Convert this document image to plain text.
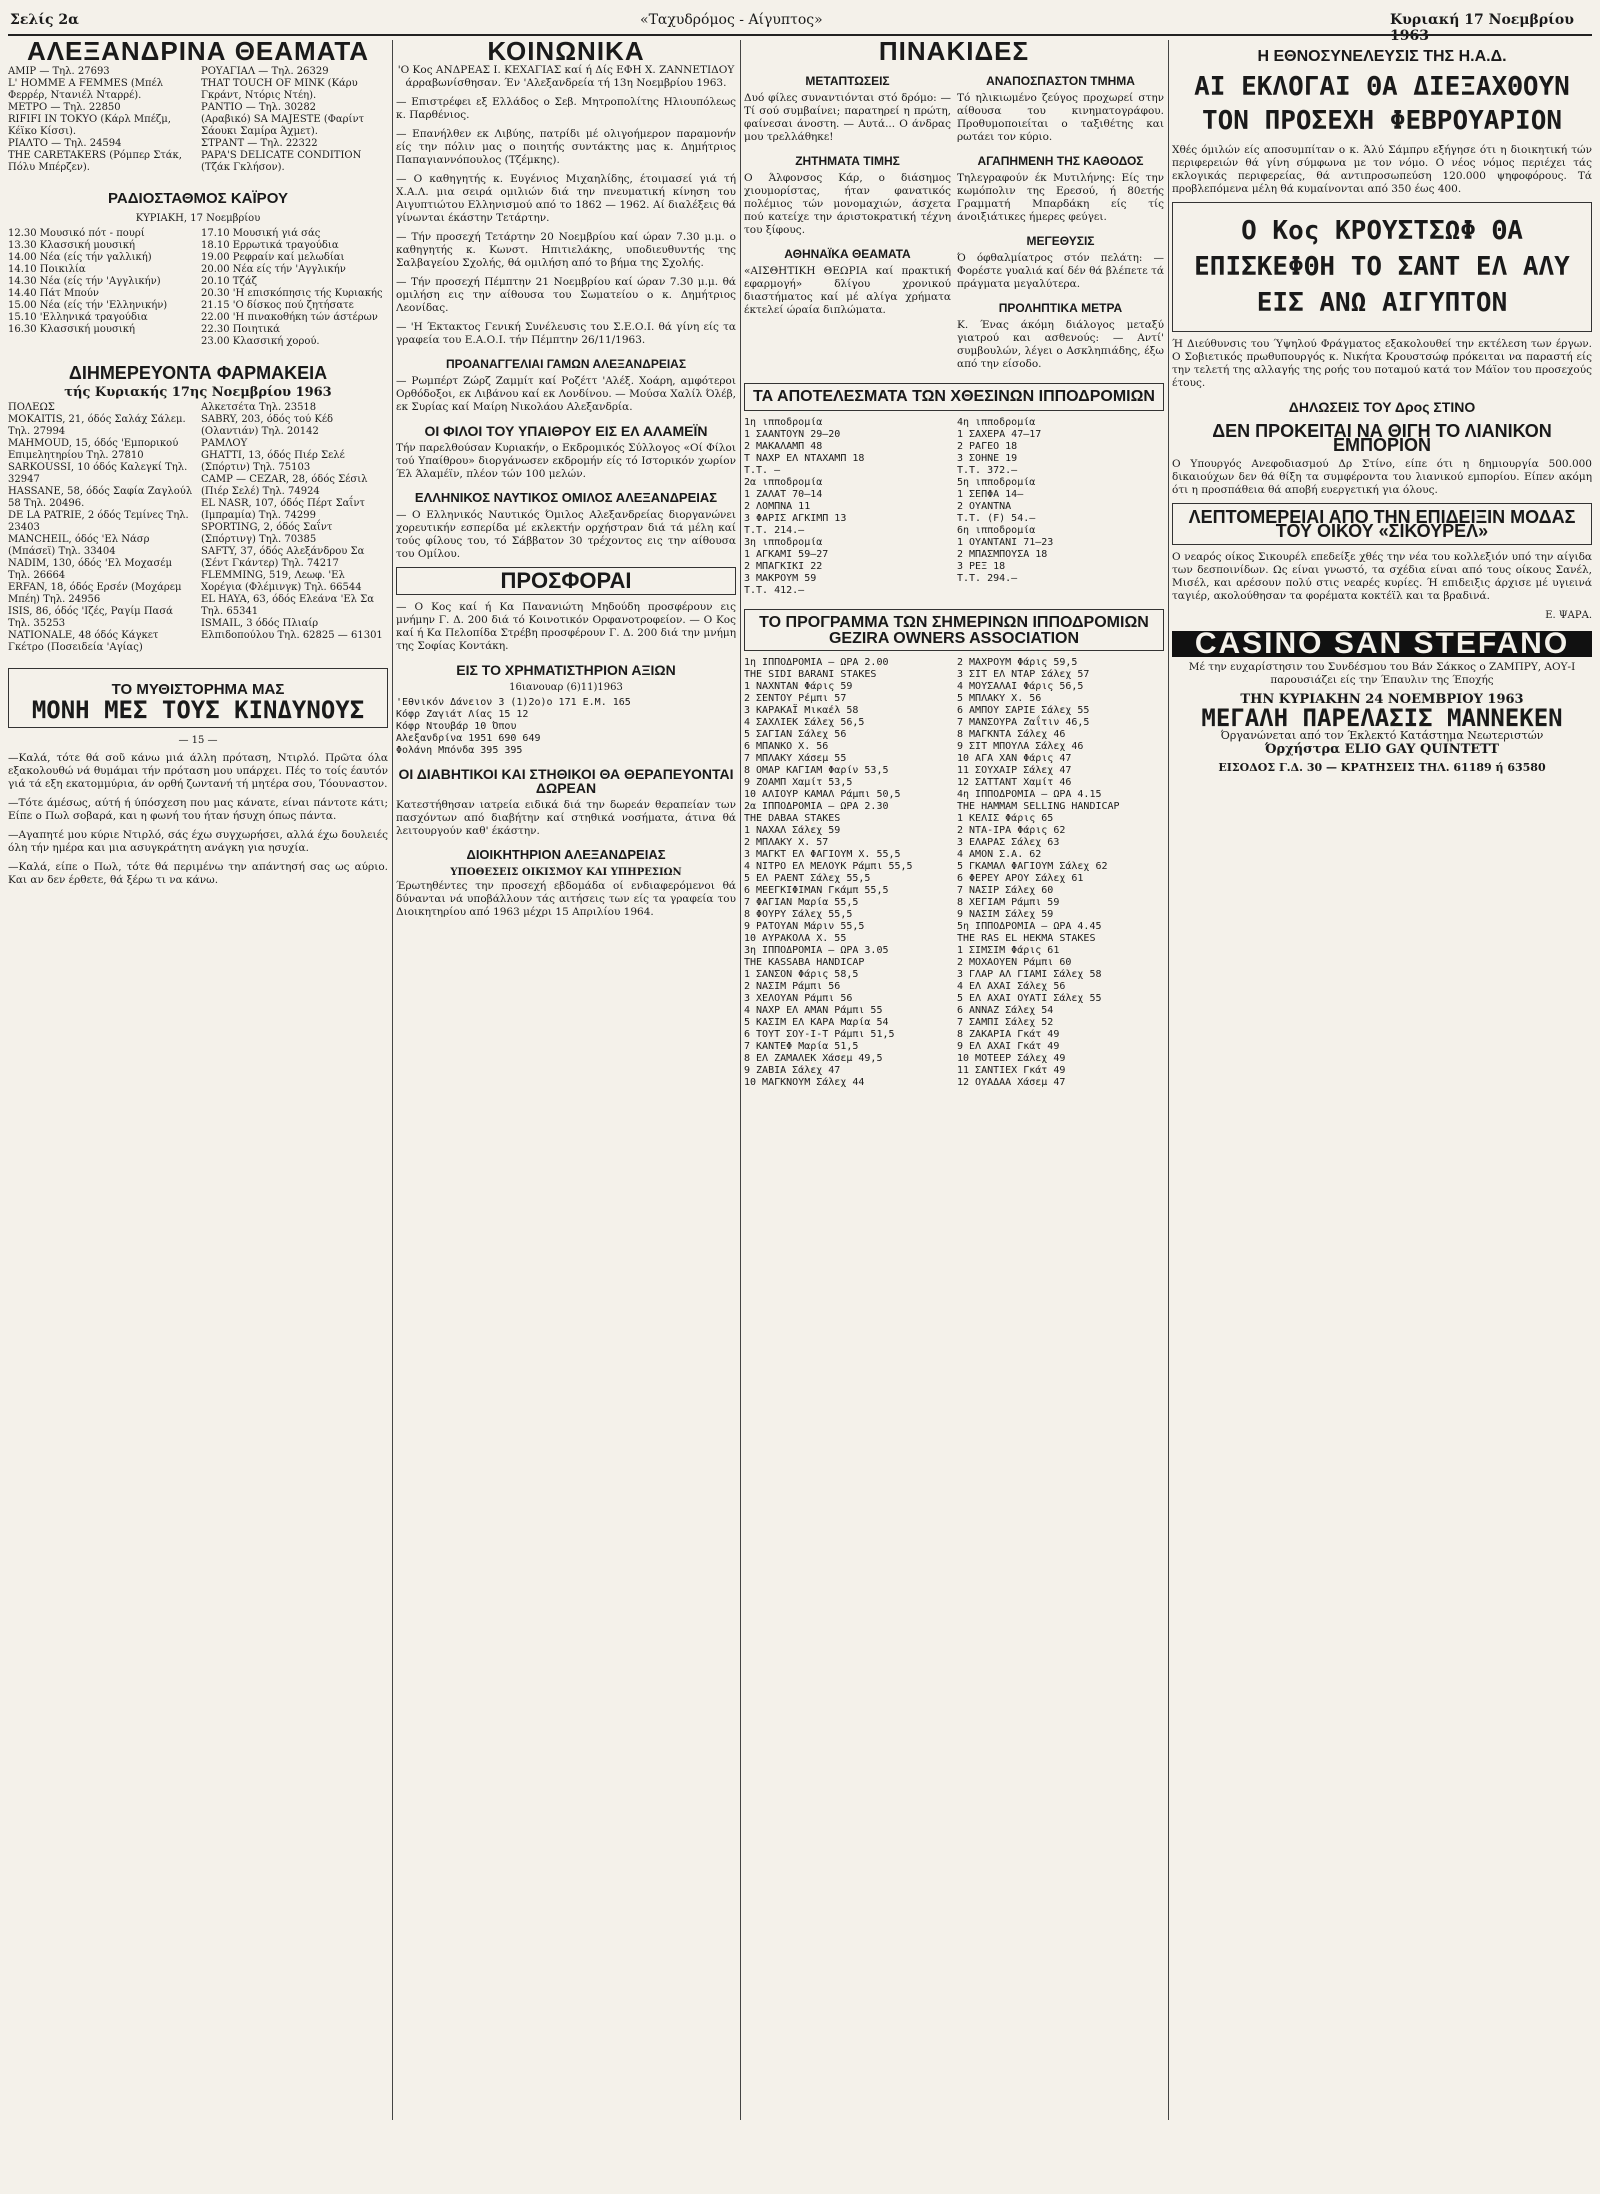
Σελίς 2α	«Ταχυδρόμος - Αίγυπτος»	Κυριακή 17 Νοεμβρίου 1963
ΑΛΕΞΑΝΔΡΙΝΑ ΘΕΑΜΑΤΑ
AMIP — Τηλ. 27693
L' HOMME A FEMMES (Μπέλ Φερρέρ, Ντανιέλ Νταρρέ).
ΜΕΤΡΟ — Τηλ. 22850
RIFIFI IN TOKYO (Κάρλ Μπέζμ, Κέϊκο Κίσσι).
ΡΙΑΛΤΟ — Τηλ. 24594
THE CARETAKERS (Ρόμπερ Στάκ, Πόλυ Μπέρζεν).
ΡΟΥΑΓΙΑΛ — Τηλ. 26329
THAT TOUCH OF MINK (Κάρυ Γκράντ, Ντόρις Ντέη).
ΡΑΝΤΙΟ — Τηλ. 30282
(Αραβικό) SA MAJESTE (Φαρίντ Σάουκι Σαμίρα Άχμετ).
ΣΤΡΑΝΤ — Τηλ. 22322
PAPA'S DELICATE CONDITION (Τζάκ Γκλήσον).
ΡΑΔΙΟΣΤΑΘΜΟΣ ΚΑΪΡΟΥ
ΚΥΡΙΑΚΗ, 17 Νοεμβρίου
12.30 Μουσικό πότ - πουρί
13.30 Κλασσική μουσική
14.00 Νέα (είς τήν γαλλική)
14.10 Ποικιλία
14.30 Νέα (είς τήν 'Αγγλικήν)
14.40 Πάτ Μπούν
15.00 Νέα (είς τήν 'Ελληνικήν)
15.10 'Ελληνικά τραγούδια
16.30 Κλασσική μουσική
17.10 Μουσική γιά σάς
18.10 Ερρωτικά τραγούδια
19.00 Ρεφραίν καί μελωδίαι
20.00 Νέα είς τήν 'Αγγλικήν
20.10 Τζάζ
20.30 'Η επισκόπησις τής Κυριακής
21.15 'Ο δίσκος πού ζητήσατε
22.00 'Η πινακοθήκη τών άστέρων
22.30 Ποιητικά
23.00 Κλασσική χορού.
ΔΙΗΜΕΡΕΥΟΝΤΑ ΦΑΡΜΑΚΕΙΑ
τής Κυριακής 17ης Νοεμβρίου 1963
ΠΟΛΕΩΣ
ΜΟΚΑΙΤΙS, 21, όδός Σαλάχ Σάλεμ. Τηλ. 27994
MAHMOUD, 15, όδός 'Εμπορικού Επιμελητηρίου Τηλ. 27810
SARKOUSSI, 10 όδός Καλεγκί Τηλ. 32947
HASSANE, 58, όδός Σαφία Ζαγλούλ 58 Τηλ. 20496.
DE LA PATRIE, 2 όδός Τεμίνες Τηλ. 23403
MANCHEIL, όδός 'Ελ Νάσρ (Μπάσεϊ) Τηλ. 33404
NADIM, 130, όδός 'Ελ Μοχασέμ Τηλ. 26664
ERFAN, 18, όδός Ερσέν (Μοχάρεμ Μπέη) Τηλ. 24956
ISIS, 86, όδός 'Ιζές, Ραγίμ Πασά Τηλ. 35253
NATIONALE, 48 όδός Κάγκετ Γκέτρο (Ποσειδεία 'Αγίας)
Αλκετσέτα Τηλ. 23518
SABRY, 203, όδός τού Κέδ (Ολαντιάν) Τηλ. 20142
ΡΑΜΛΟΥ
GHATTI, 13, όδός Πιέρ Σελέ (Σπόρτιν) Τηλ. 75103
CAMP — CEZAR, 28, όδός Σέσιλ (Πιέρ Σελέ) Τηλ. 74924
EL NASR, 107, όδός Πέρτ Σαΐντ (Ιμπραμία) Τηλ. 74299
SPORTING, 2, όδός Σαΐντ (Σπόρτινγ) Τηλ. 70385
SAFTY, 37, όδός Αλεξάνδρου Σα (Σέντ Γκάντερ) Τηλ. 74217
FLEMMING, 519, Λεωφ. 'Ελ Χορέγια (Φλέμινγκ) Τηλ. 66544
EL HAYA, 63, όδός Ελεάνα 'Ελ Σα Τηλ. 65341
ISMAIL, 3 όδός Πλιαίρ Ελπιδοπούλου Τηλ. 62825 — 61301
ΤΟ ΜΥΘΙΣΤΟΡΗΜΑ ΜΑΣ
ΜΟΝΗ ΜΕΣ ΤΟΥΣ ΚΙΝΔΥΝΟΥΣ
— 15 —

—Καλά, τότε θά σοῦ κάνω μιά άλλη πρόταση, Ντιρλό. Πρῶτα όλα εξακολουθώ νά θυμάμαι τήν πρόταση μου υπάρχει. Πές το τοίς έαυτόν γιά τά εξη εκατομμύρια, άν ορθή ζωντανή τή μητέρα σου, Τόουναστον.

—Τότε άμέσως, αύτή ή ύπόσχεση που μας κάνατε, είναι πάντοτε κάτι; Είπε ο Πωλ σοβαρά, και η φωνή του ήταν ήσυχη όπως πάντα.

—Αγαπητέ μου κύριε Ντιρλό, σάς έχω συγχωρήσει, αλλά έχω δουλειές όλη τήν ημέρα και μια ασυγκράτητη ανάγκη για ησυχία.

—Καλά, είπε ο Πωλ, τότε θά περιμένω την απάντησή σας ως αύριο. Και αν δεν έρθετε, θά ξέρω τι να κάνω.

ΚΟΙΝΩΝΙΚΑ

'Ο Κος ΑΝΔΡΕΑΣ Ι. ΚΕΧΑΓΙΑΣ καί ή Δίς ΕΦΗ Χ. ΖΑΝΝΕΤΙΔΟΥ άρραβωνίσθησαν. Έν 'Αλεξανδρεία τή 13η Νοεμβρίου 1963.

— Επιστρέφει εξ Ελλάδος ο Σεβ. Μητροπολίτης Ηλιουπόλεως κ. Παρθένιος.

— Επανήλθεν εκ Λιβύης, πατρίδι μέ ολιγοήμερον παραμονήν είς την πόλιν μας ο ποιητής συντάκτης μας κ. Δημήτριος Παπαγιαννόπουλος (Τζέμκης).

— Ο καθηγητής κ. Ευγένιος Μιχαηλίδης, έτοιμασεί γιά τή Χ.Α.Λ. μια σειρά ομιλιών διά την πνευματική κίνηση του Αιγυπτιώτου Ελληνισμού από το 1862 — 1962. Αί διαλέξεις θά γίνωνται έκάστην Τετάρτην.

— Τήν προσεχή Τετάρτην 20 Νοεμβρίου καί ώραν 7.30 μ.μ. ο καθηγητής κ. Κωνστ. Ηπιτιελάκης, υποδιευθυντής της Σαλβαγείου Σχολής, θά ομιλήση από το βήμα της Σχολής.

— Τήν προσεχή Πέμπτην 21 Νοεμβρίου καί ώραν 7.30 μ.μ. θά ομιλήση εις την αίθουσα του Σωματείου ο κ. Δημήτριος Λεονίδας.

— 'Η Έκτακτος Γενική Συνέλευσις του Σ.Ε.Ο.Ι. θά γίνη είς τα γραφεία του Ε.Α.Ο.Ι. τήν Πέμπτην 26/11/1963.

ΠΡΟΑΝΑΓΓΕΛΙΑΙ ΓΑΜΩΝ ΑΛΕΞΑΝΔΡΕΙΑΣ

— Ρωμπέρτ Ζώρζ Ζαμμίτ καί Ροζέττ 'Αλέξ. Χοάρη, αμφότεροι Ορθόδοξοι, εκ Λιβάνου καί εκ Λονδίνου. — Μούσα Χαλίλ Όλέβ, εκ Συρίας καί Μαίρη Νικολάου Αλεξανδρία.

ΟΙ ΦΙΛΟΙ ΤΟΥ ΥΠΑΙΘΡΟΥ ΕΙΣ ΕΛ ΑΛΑΜΕΪΝ

Τήν παρελθούσαν Κυριακήν, ο Εκδρομικός Σύλλογος «Οί Φίλοι τού Υπαίθρου» διοργάνωσεν εκδρομήν είς τό Ιστορικόν χωρίον Έλ Άλαμέϊν, πλέον τών 100 μελών.

ΕΛΛΗΝΙΚΟΣ ΝΑΥΤΙΚΟΣ ΟΜΙΛΟΣ ΑΛΕΞΑΝΔΡΕΙΑΣ

— Ο Ελληνικός Ναυτικός Όμιλος Αλεξανδρείας διοργανώνει χορευτικήν εσπερίδα μέ εκλεκτήν ορχήστραν διά τά μέλη καί τούς φίλους του, τό Σάββατον 30 τρέχοντος εις την αίθουσα του Ομίλου.

ΠΡΟΣΦΟΡΑΙ

— Ο Κος καί ή Κα Πανανιώτη Μηδούδη προσφέρουν εις μνήμην Γ. Δ. 200 διά τό Κοινοτικόν Ορφανοτροφείον. — Ο Κος καί ή Κα Πελοπίδα Στρέβη προσφέρουν Γ. Δ. 200 διά την μνήμη της Σοφίας Κοντάκη.

ΕΙΣ ΤΟ ΧΡΗΜΑΤΙΣΤΗΡΙΟΝ ΑΞΙΩΝ
16ιανουαρ (6)11)1963
'Εθνικόν Δάνειον 3 (1)2ο)ο 171 Ε.Μ. 165
Κόφρ Ζαγιάτ Λίας 15 12
Κόφρ Ντουβάρ 10 Όπου
Αλεξανδρίνα 1951 690 649
Φολάνη Μπόνδα 395 395
ΟΙ ΔΙΑΒΗΤΙΚΟΙ ΚΑΙ ΣΤΗΘΙΚΟΙ ΘΑ ΘΕΡΑΠΕΥΟΝΤΑΙ ΔΩΡΕΑΝ

Κατεστήθησαν ιατρεία ειδικά διά την δωρεάν θεραπείαν των πασχόντων από διαβήτην καί στηθικά νοσήματα, άτινα θά λειτουργούν καθ' έκάστην.

ΔΙΟΙΚΗΤΗΡΙΟΝ ΑΛΕΞΑΝΔΡΕΙΑΣ
ΥΠΟΘΕΣΕΙΣ ΟΙΚΙΣΜΟΥ ΚΑΙ ΥΠΗΡΕΣΙΩΝ

Έρωτηθέντες την προσεχή εβδομάδα οί ενδιαφερόμενοι θά δύνανται νά υποβάλλουν τάς αιτήσεις των είς τα γραφεία του Διοικητηρίου από 1963 μέχρι 15 Απριλίου 1964.

ΠΙΝΑΚΙΔΕΣ
ΜΕΤΑΠΤΩΣΕΙΣ

Δυό φίλες συναντιόνται στό δρόμο: — Τί σού συμβαίνει; παρατηρεί η πρώτη, φαίνεσαι άνοστη. — Αυτά... Ο άνδρας μου τρελλάθηκε!

ΖΗΤΗΜΑΤΑ ΤΙΜΗΣ

Ο Άλφονσος Κάρ, ο διάσημος χιουμορίστας, ήταν φανατικός πολέμιος τών μονομαχιών, άσχετα πού κατείχε την άριστοκρατική τέχνη του ξίφους.

ΑΘΗΝΑΪΚΑ ΘΕΑΜΑΤΑ

«ΑΙΣΘΗΤΙΚΗ ΘΕΩΡΙΑ καί πρακτική εφαρμογή» δλίγου χρονικού διαστήματος καί μέ αλίγα χρήματα έκτελεί ώραία διπλώματα.

ΑΝΑΠΟΣΠΑΣΤΟΝ ΤΜΗΜΑ

Τό ηλικιωμένο ζεύγος προχωρεί στην αίθουσα του κινηματογράφου. Προθυμοποιείται ο ταξιθέτης και ρωτάει τον κύριο.

ΑΓΑΠΗΜΕΝΗ ΤΗΣ ΚΑΘΟΔΟΣ

Τηλεγραφούν έκ Μυτιλήνης: Είς την κωμόπολιν της Ερεσού, ή 80ετής Γραμματή Μπαρδάκη είς τίς άνοιξιάτικες ήμερες φεύγει.

ΜΕΓΕΘΥΣΙΣ

Ό όφθαλμίατρος στόν πελάτη: — Φορέστε γυαλιά καί δέν θά βλέπετε τά πράγματα μεγαλύτερα.

ΠΡΟΛΗΠΤΙΚΑ ΜΕΤΡΑ

Κ. Ένας άκόμη διάλογος μεταξύ γιατρού και ασθενούς: — Αντί' συμβουλών, λέγει ο Ασκληπιάδης, έξω από την είσοδο.

ΤΑ ΑΠΟΤΕΛΕΣΜΑΤΑ ΤΩΝ ΧΘΕΣΙΝΩΝ ΙΠΠΟΔΡΟΜΙΩΝ
1η ιπποδρομία
1 ΣΑΑΝΤΟΥΝ 29—20
2 ΜΑΚΑΛΑΜΠ 48
Τ ΝΑΧΡ ΕΛ ΝΤΑΧΑΜΠ 18
Τ.Τ. —
2α ιπποδρομία
1 ΖΑΛΑΤ 70—14
2 ΛΟΜΠΝΑ 11
3 ΦΑΡΙΣ ΑΓΚΙΜΠ 13
Τ.Τ. 214.—
3η ιπποδρομία
1 ΑΓΚΑΜΙ 59—27
2 ΜΠΑΓΚΙΚΙ 22
3 ΜΑΚΡΟΥΜ 59
Τ.Τ. 412.—
4η ιπποδρομία
1 ΣΑΧΕΡΑ 47—17
2 ΡΑΓΕΟ 18
3 ΣΟΗΝΕ 19
Τ.Τ. 372.—
5η ιπποδρομία
1 ΣΕΠΦΑ 14—
2 ΟΥΑΝΤΝΑ
Τ.Τ. (F) 54.—
6η ιπποδρομία
1 ΟΥΑΝΤΑΝΙ 71—23
2 ΜΠΑΣΜΠΟΥΣΑ 18
3 ΡΕΞ 18
Τ.Τ. 294.—
ΤΟ ΠΡΟΓΡΑΜΜΑ ΤΩΝ ΣΗΜΕΡΙΝΩΝ ΙΠΠΟΔΡΟΜΙΩΝ
GEZIRA OWNERS ASSOCIATION
1η ΙΠΠΟΔΡΟΜΙΑ — ΩΡΑ 2.00
THE SIDI BARANI STAKES
1 ΝΑΧΝΤΑΝ Φάρις 59
2 ΣΕΝΤΟΥ Ρέμπι 57
3 ΚΑΡΑΚΑΪ Μικαέλ 58
4 ΣΑΧΛΙΕΚ Σάλεχ 56,5
5 ΣΑΓΙΑΝ Σάλεχ 56
6 ΜΠΑΝΚΟ Χ. 56
7 ΜΠΛΑΚΥ Χάσεμ 55
8 ΟΜΑΡ ΚΑΓΙΑΜ Φαρίν 53,5
9 ΖΟΑΜΠ Χαμίτ 53,5
10 ΑΛΙΟΥΡ ΚΑΜΑΛ Ράμπι 50,5
2α ΙΠΠΟΔΡΟΜΙΑ — ΩΡΑ 2.30
THE DABAA STAKES
1 ΝΑΧΑΛ Σάλεχ 59
2 ΜΠΛΑΚΥ Χ. 57
3 ΜΑΓΚΤ ΕΛ ΦΑΓΙΟΥΜ Χ. 55,5
4 ΝΙΤΡΟ ΕΛ ΜΕΛΟΥΚ Ράμπι 55,5
5 ΕΛ ΡΑΕΝΤ Σάλεχ 55,5
6 ΜΕΕΓΚΙΦΙΜΑΝ Γκάμπ 55,5
7 ΦΑΓΙΑΝ Μαρία 55,5
8 ΦΟΥΡΥ Σάλεχ 55,5
9 ΡΑΤΟΥΑΝ Μάριν 55,5
10 ΑΥΡΑΚΟΛΑ Χ. 55
3η ΙΠΠΟΔΡΟΜΙΑ — ΩΡΑ 3.05
THE KASSABA HANDICAP
1 ΣΑΝΣΟΝ Φάρις 58,5
2 ΝΑΣΙΜ Ράμπι 56
3 ΧΕΛΟΥΑΝ Ράμπι 56
4 ΝΑΧΡ ΕΛ ΑΜΑΝ Ράμπι 55
5 ΚΑΣΙΜ ΕΛ ΚΑΡΑ Μαρία 54
6 ΤΟΥΤ ΣΟΥ-Ι-Τ Ράμπι 51,5
7 ΚΑΝΤΕΦ Μαρία 51,5
8 ΕΛ ΖΑΜΑΛΕΚ Χάσεμ 49,5
9 ΖΑΒΙΑ Σάλεχ 47
10 ΜΑΓΚΝΟΥΜ Σάλεχ 44
2 ΜΑΧΡΟΥΜ Φάρις 59,5
3 ΣΙΤ ΕΛ ΝΤΑΡ Σάλεχ 57
4 ΜΟΥΣΑΛΑΙ Φάρις 56,5
5 ΜΠΛΑΚΥ Χ. 56
6 ΑΜΠΟΥ ΣΑΡΙΕ Σάλεχ 55
7 ΜΑΝΣΟΥΡΑ Ζαΐτιν 46,5
8 ΜΑΓΚΝΤΑ Σάλεχ 46
9 ΣΙΤ ΜΠΟΥΛΑ Σάλεχ 46
10 ΑΓΑ ΧΑΝ Φάρις 47
11 ΣΟΥΧΑΙΡ Σάλεχ 47
12 ΣΑΤΤΑΝΤ Χαμίτ 46
4η ΙΠΠΟΔΡΟΜΙΑ — ΩΡΑ 4.15
THE HAMMAM SELLING HANDICAP
1 ΚΕΛΙΣ Φάρις 65
2 ΝΤΑ-ΙΡΑ Φάρις 62
3 ΕΛΑΡΑΣ Σάλεχ 63
4 ΑΜΟΝ Σ.Α. 62
5 ΓΚΑΜΑΛ ΦΑΓΙΟΥΜ Σάλεχ 62
6 ΦΕΡΕΥ ΑΡΟΥ Σάλεχ 61
7 ΝΑΣΙΡ Σάλεχ 60
8 ΧΕΓΙΑΜ Ράμπι 59
9 ΝΑΣΙΜ Σάλεχ 59
5η ΙΠΠΟΔΡΟΜΙΑ — ΩΡΑ 4.45
THE RAS EL HEKMA STAKES
1 ΣΙΜΣΙΜ Φάρις 61
2 ΜΟΧΑΟΥΕΝ Ράμπι 60
3 ΓΛΑΡ ΑΛ ΓΙΑΜΙ Σάλεχ 58
4 ΕΛ ΑΧΑΙ Σάλεχ 56
5 ΕΛ ΑΧΑΙ ΟΥΑΤΙ Σάλεχ 55
6 ΑΝΝΑΖ Σάλεχ 54
7 ΣΑΜΠΙ Σάλεχ 52
8 ΖΑΚΑΡΙΑ Γκάτ 49
9 ΕΛ ΑΧΑΙ Γκάτ 49
10 ΜΟΤΕΕΡ Σάλεχ 49
11 ΣΑΝΤΙΕΧ Γκάτ 49
12 ΟΥΑΔΑΑ Χάσεμ 47
Η ΕΘΝΟΣΥΝΕΛΕΥΣΙΣ ΤΗΣ Η.Α.Δ.
ΑΙ ΕΚΛΟΓΑΙ ΘΑ ΔΙΕΞΑΧΘΟΥΝ ΤΟΝ ΠΡΟΣΕΧΗ ΦΕΒΡΟΥΑΡΙΟΝ

Χθές όμιλών είς αποσυμπίταν ο κ. Άλύ Σάμπρυ εξήγησε ότι η διοικητική τών περιφερειών θά γίνη σύμφωνα με τον νόμο. Ο νέος νόμος περιέχει τάς εκλογικάς περιφερείας, θά αντιπροσωπεύση 120.000 ψηφοφόρους. Τά προβλεπόμενα μέλη θά κυμαίνονται από 350 έως 400.

Ο Κος ΚΡΟΥΣΤΣΩΦ ΘΑ ΕΠΙΣΚΕΦΘΗ ΤΟ ΣΑΝΤ ΕΛ ΑΛΥ ΕΙΣ ΑΝΩ ΑΙΓΥΠΤΟΝ

Ή Διεύθυνσις του Ύψηλού Φράγματος εξακολουθεί την εκτέλεση των έργων. Ο Σοβιετικός πρωθυπουργός κ. Νικήτα Κρουστσώφ πρόκειται να παραστή είς την τελετή της αλλαγής της ροής του ποταμού κατά τον Μάϊον του προσεχούς έτους.

ΔΗΛΩΣΕΙΣ ΤΟΥ Δρος ΣΤΙΝΟ
ΔΕΝ ΠΡΟΚΕΙΤΑΙ ΝΑ ΘΙΓΗ ΤΟ ΛΙΑΝΙΚΟΝ ΕΜΠΟΡΙΟΝ

Ο Υπουργός Ανεφοδιασμού Δρ Στίνο, είπε ότι η δημιουργία 500.000 δικαιούχων δεν θά θίξη τα συμφέροντα του λιανικού εμπορίου. Είπεν ακόμη ότι η προσπάθεια θά αποβή ευεργετική για όλους.

ΛΕΠΤΟΜΕΡΕΙΑΙ ΑΠΟ ΤΗΝ ΕΠΙΔΕΙΞΙΝ ΜΟΔΑΣ ΤΟΥ ΟΙΚΟΥ «ΣΙΚΟΥΡΕΛ»

Ο νεαρός οίκος Σικουρέλ επεδείξε χθές την νέα του κολλεξιόν υπό την αίγιδα των δεσποινίδων. Ως είναι γνωστό, τα σχέδια είναι από τους οίκους Σανέλ, Μισέλ, και αρέσουν πολύ στις νεαρές κυρίες. Ή επιδειξις άρχισε μέ υγιεινά ταγιέρ, ακολούθησαν τα φορέματα κοκτέϊλ και τα βραδινά.

Ε. ΨΑΡΑ.
CASINO SAN STEFANO

Μέ την ευχαρίστησιν του Συνδέσμου του Βάν Σάκκος ο ΖΑΜΠΡΥ, ΑΟΥ-Ι παρουσιάζει είς την Έπαυλιν της Έποχής

ΤΗΝ ΚΥΡΙΑΚΗΝ 24 ΝΟΕΜΒΡΙΟΥ 1963
ΜΕΓΑΛΗ ΠΑΡΕΛΑΣΙΣ ΜΑΝΝΕΚΕΝ
Όργανώνεται από τον Έκλεκτό Κατάστημα Νεωτεριστών
Όρχήστρα ELIO GAY QUINTETT
ΕΙΣΟΔΟΣ Γ.Δ. 30 — ΚΡΑΤΗΣΕΙΣ ΤΗΛ. 61189 ή 63580
